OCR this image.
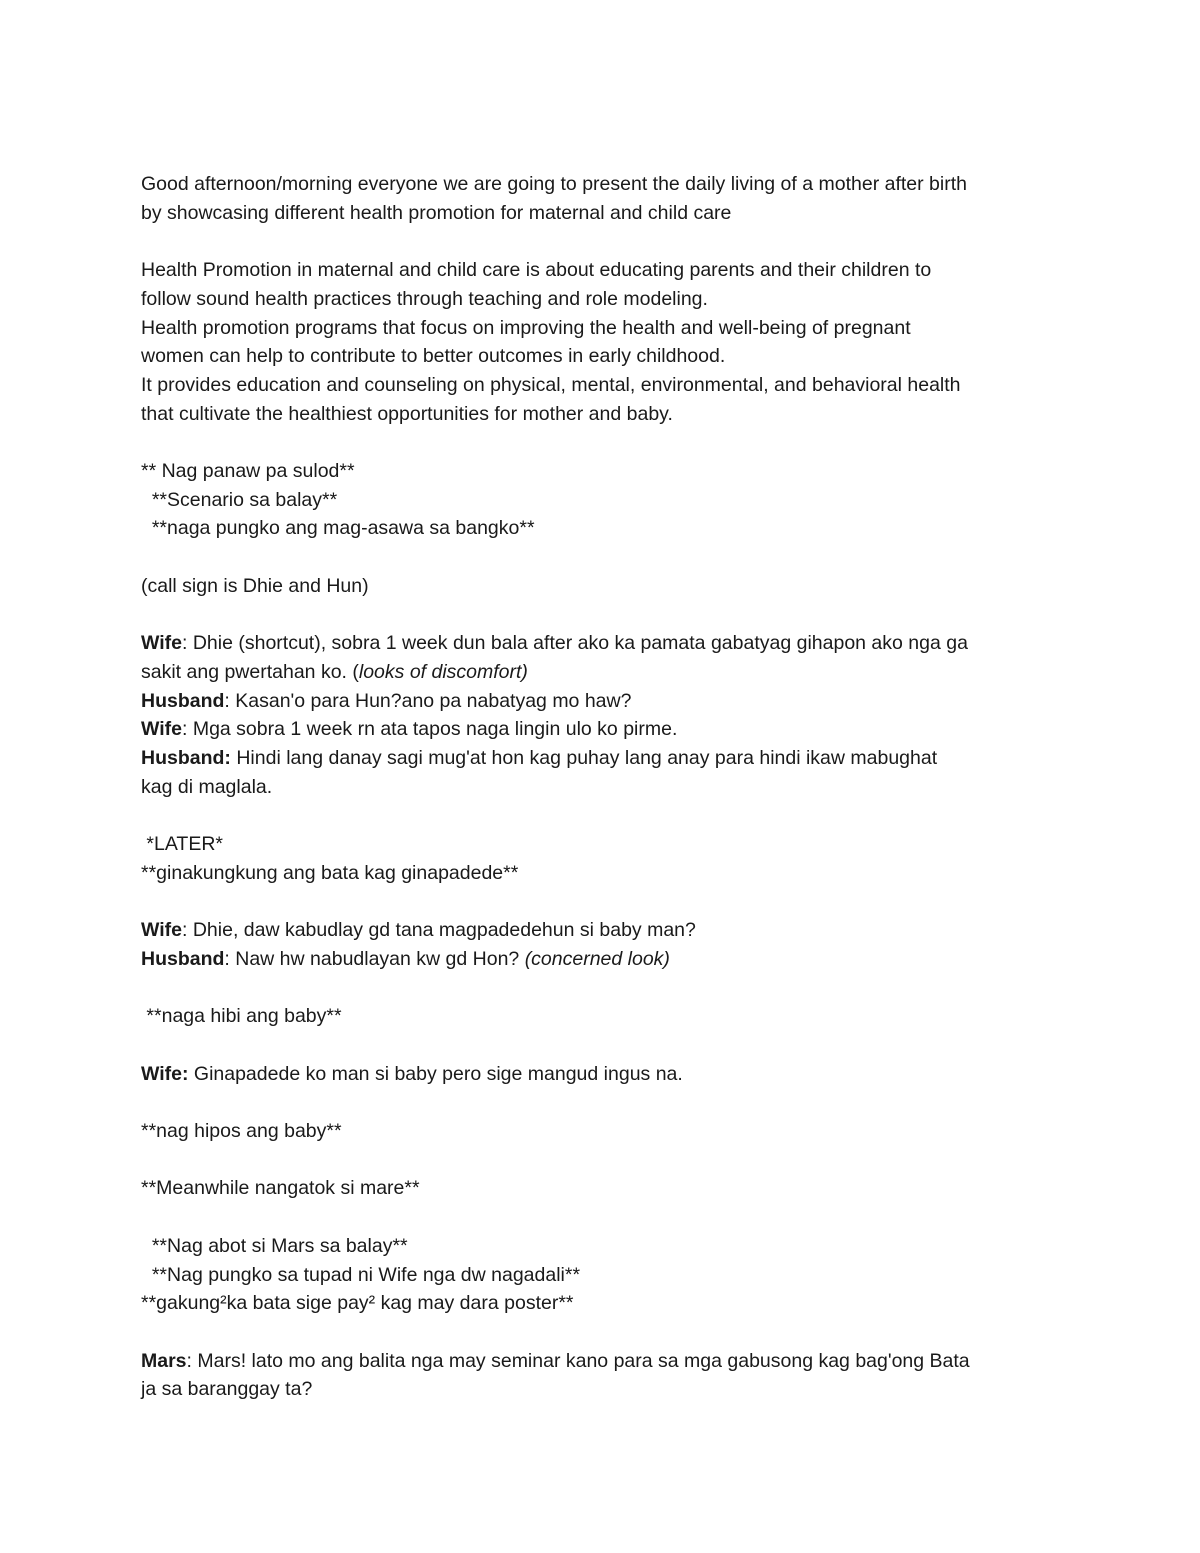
Good afternoon/morning everyone we are going to present the daily living of a mother after birth
by showcasing different health promotion for maternal and child care
Health Promotion in maternal and child care is about educating parents and their children to
follow sound health practices through teaching and role modeling.
Health promotion programs that focus on improving the health and well-being of pregnant
women can help to contribute to better outcomes in early childhood.
It provides education and counseling on physical, mental, environmental, and behavioral health
that cultivate the healthiest opportunities for mother and baby.
** Nag panaw pa sulod**
**Scenario sa balay**
**naga pungko ang mag-asawa sa bangko**
(call sign is Dhie and Hun)
Wife: Dhie (shortcut), sobra 1 week dun bala after ako ka pamata gabatyag gihapon ako nga ga
sakit ang pwertahan ko. (looks of discomfort)
Husband: Kasan'o para Hun?ano pa nabatyag mo haw?
Wife: Mga sobra 1 week rn ata tapos naga lingin ulo ko pirme.
Husband: Hindi lang danay sagi mug'at hon kag puhay lang anay para hindi ikaw mabughat
kag di maglala.
*LATER*
**ginakungkung ang bata kag ginapadede**
Wife: Dhie, daw kabudlay gd tana magpadedehun si baby man?
Husband: Naw hw nabudlayan kw gd Hon? (concerned look)
**naga hibi ang baby**
Wife: Ginapadede ko man si baby pero sige mangud ingus na.
**nag hipos ang baby**
**Meanwhile nangatok si mare**
**Nag abot si Mars sa balay**
**Nag pungko sa tupad ni Wife nga dw nagadali**
**gakung²ka bata sige pay² kag may dara poster**
Mars: Mars! lato mo ang balita nga may seminar kano para sa mga gabusong kag bag'ong Bata
ja sa baranggay ta?
